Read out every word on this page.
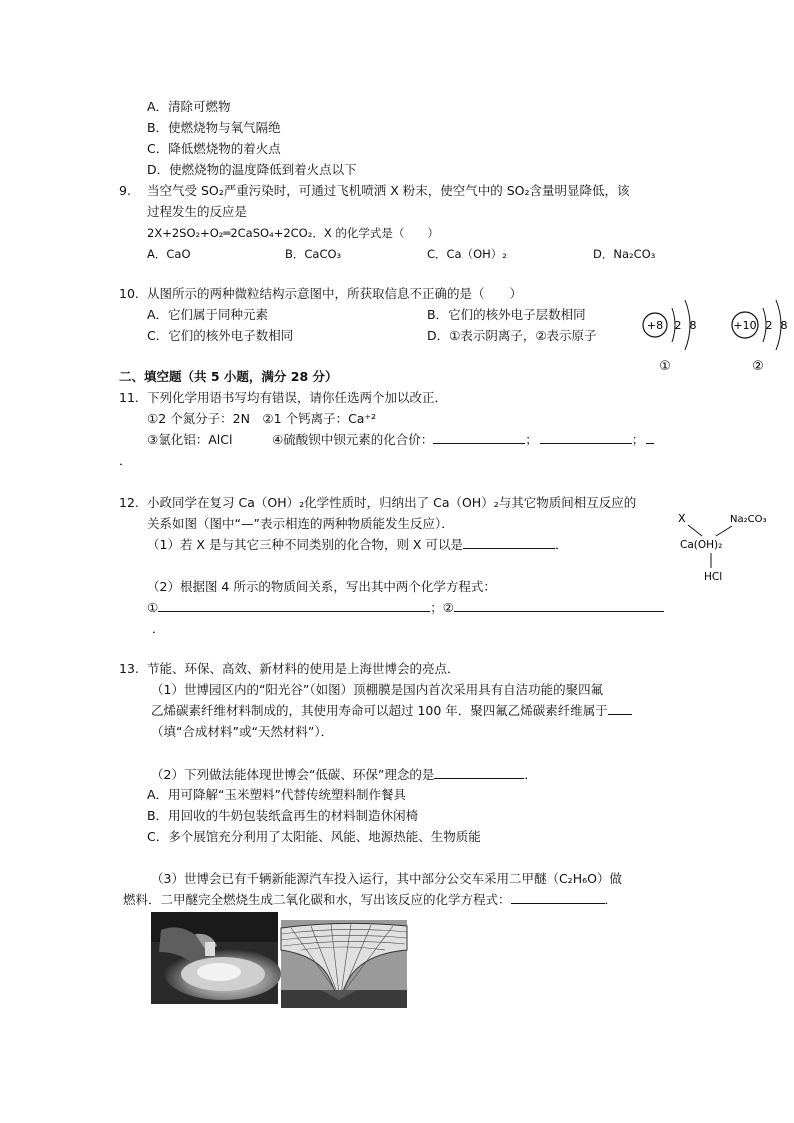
A．清除可燃物
B．使燃烧物与氧气隔绝
C．降低燃烧物的着火点
D．使燃烧物的温度降低到着火点以下
9. 当空气受 SO₂严重污染时，可通过飞机喷洒 X 粉末，使空气中的 SO₂含量明显降低，该
过程发生的反应是
2X+2SO₂+O₂═2CaSO₄+2CO₂．X 的化学式是（　　）
A．CaO	B．CaCO₃	C．Ca（OH）₂	D．Na₂CO₃
10. 从图所示的两种微粒结构示意图中，所获取信息不正确的是（　　）
A．它们属于同种元素	B．它们的核外电子层数相同
C．它们的核外电子数相同	D．①表示阴离子，②表示原子
+8 2 8
①
+10 2 8
②
二、填空题（共 5 小题，满分 28 分）
11. 下列化学用语书写均有错误，请你任选两个加以改正．
①2 个氮分子：2N　②1 个钙离子：Ca⁺²
③氯化铝：AlCl	④硫酸钡中钡元素的化合价：	；	；
．
12. 小政同学在复习 Ca（OH）₂化学性质时，归纳出了 Ca（OH）₂与其它物质间相互反应的
关系如图（图中“—”表示相连的两种物质能发生反应）．
（1）若 X 是与其它三种不同类别的化合物，则 X 可以是	．
（2）根据图 4 所示的物质间关系，写出其中两个化学方程式：
①	；②
．
X	Na₂CO₃
Ca(OH)₂
HCl
13. 节能、环保、高效、新材料的使用是上海世博会的亮点．
（1）世博园区内的“阳光谷”（如图）顶棚膜是国内首次采用具有自洁功能的聚四氟
乙烯碳素纤维材料制成的，其使用寿命可以超过 100 年．聚四氟乙烯碳素纤维属于
（填“合成材料”或“天然材料”）．
（2）下列做法能体现世博会“低碳、环保”理念的是	．
A．用可降解“玉米塑料”代替传统塑料制作餐具
B．用回收的牛奶包装纸盒再生的材料制造休闲椅
C．多个展馆充分利用了太阳能、风能、地源热能、生物质能
（3）世博会已有千辆新能源汽车投入运行，其中部分公交车采用二甲醚（C₂H₆O）做
燃料．二甲醚完全燃烧生成二氧化碳和水，写出该反应的化学方程式：	．
